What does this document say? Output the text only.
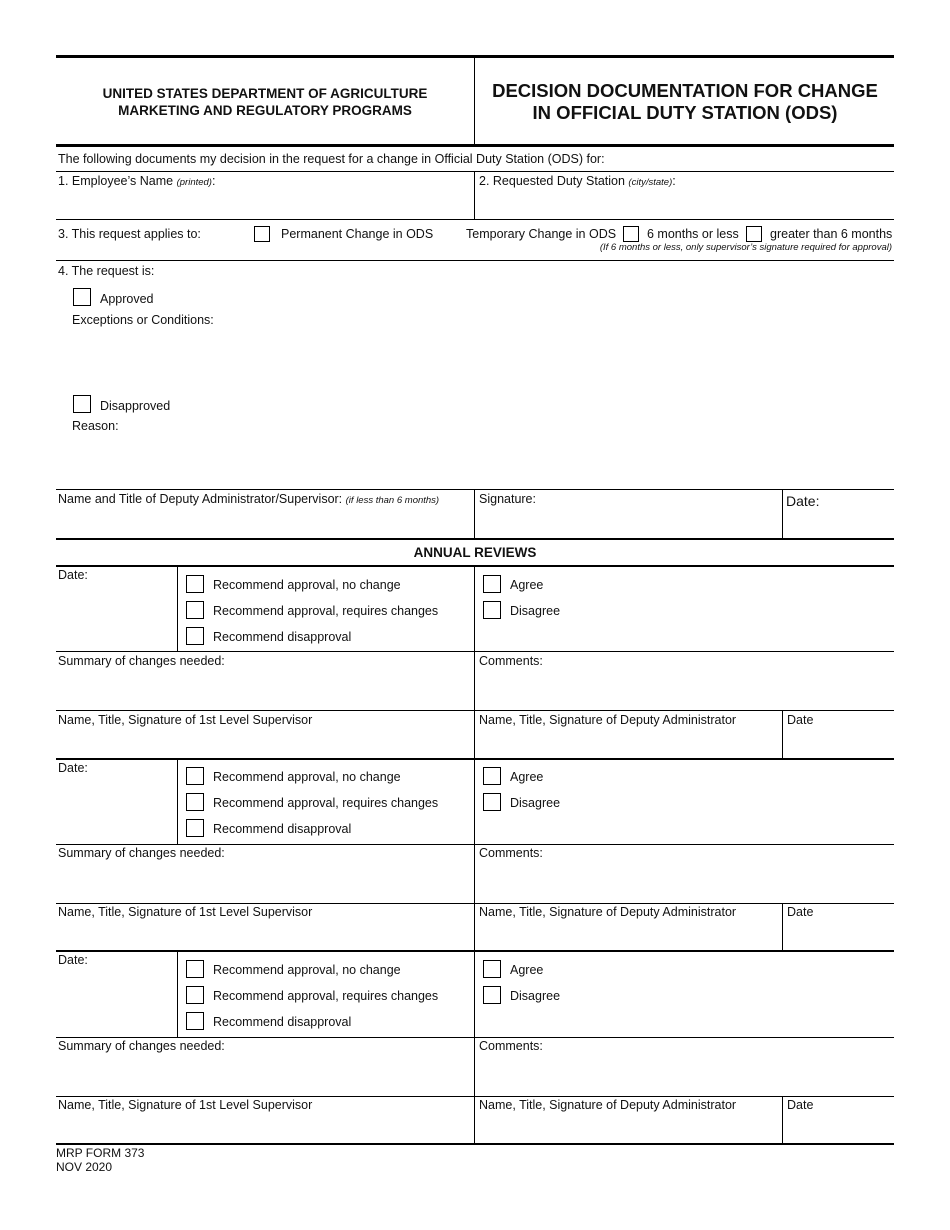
UNITED STATES DEPARTMENT OF AGRICULTURE
MARKETING AND REGULATORY PROGRAMS
DECISION DOCUMENTATION FOR CHANGE
IN OFFICIAL DUTY STATION (ODS)
The following documents my decision in the request for a change in Official Duty Station (ODS) for:
1. Employee’s Name (printed):	2. Requested Duty Station (city/state):
3. This request applies to:	Permanent Change in ODS	Temporary Change in ODS 6 months or less	greater than 6 months
(If 6 months or less, only supervisor’s signature required for approval)
4. The request is:
Approved
Exceptions or Conditions:
Disapproved
Reason:
Name and Title of Deputy Administrator/Supervisor: (if less than 6 months)	Signature:	Date:
ANNUAL REVIEWS
Date:
Recommend approval, no change
Recommend approval, requires changes
Recommend disapproval
Agree
Disagree
Summary of changes needed:	Comments:
Name, Title, Signature of 1st Level Supervisor	Name, Title, Signature of Deputy Administrator	Date
Date:
Recommend approval, no change
Recommend approval, requires changes
Recommend disapproval
Agree
Disagree
Summary of changes needed:	Comments:
Name, Title, Signature of 1st Level Supervisor	Name, Title, Signature of Deputy Administrator	Date
Date:
Recommend approval, no change
Recommend approval, requires changes
Recommend disapproval
Agree
Disagree
Summary of changes needed:	Comments:
Name, Title, Signature of 1st Level Supervisor	Name, Title, Signature of Deputy Administrator	Date
MRP FORM 373
NOV 2020
